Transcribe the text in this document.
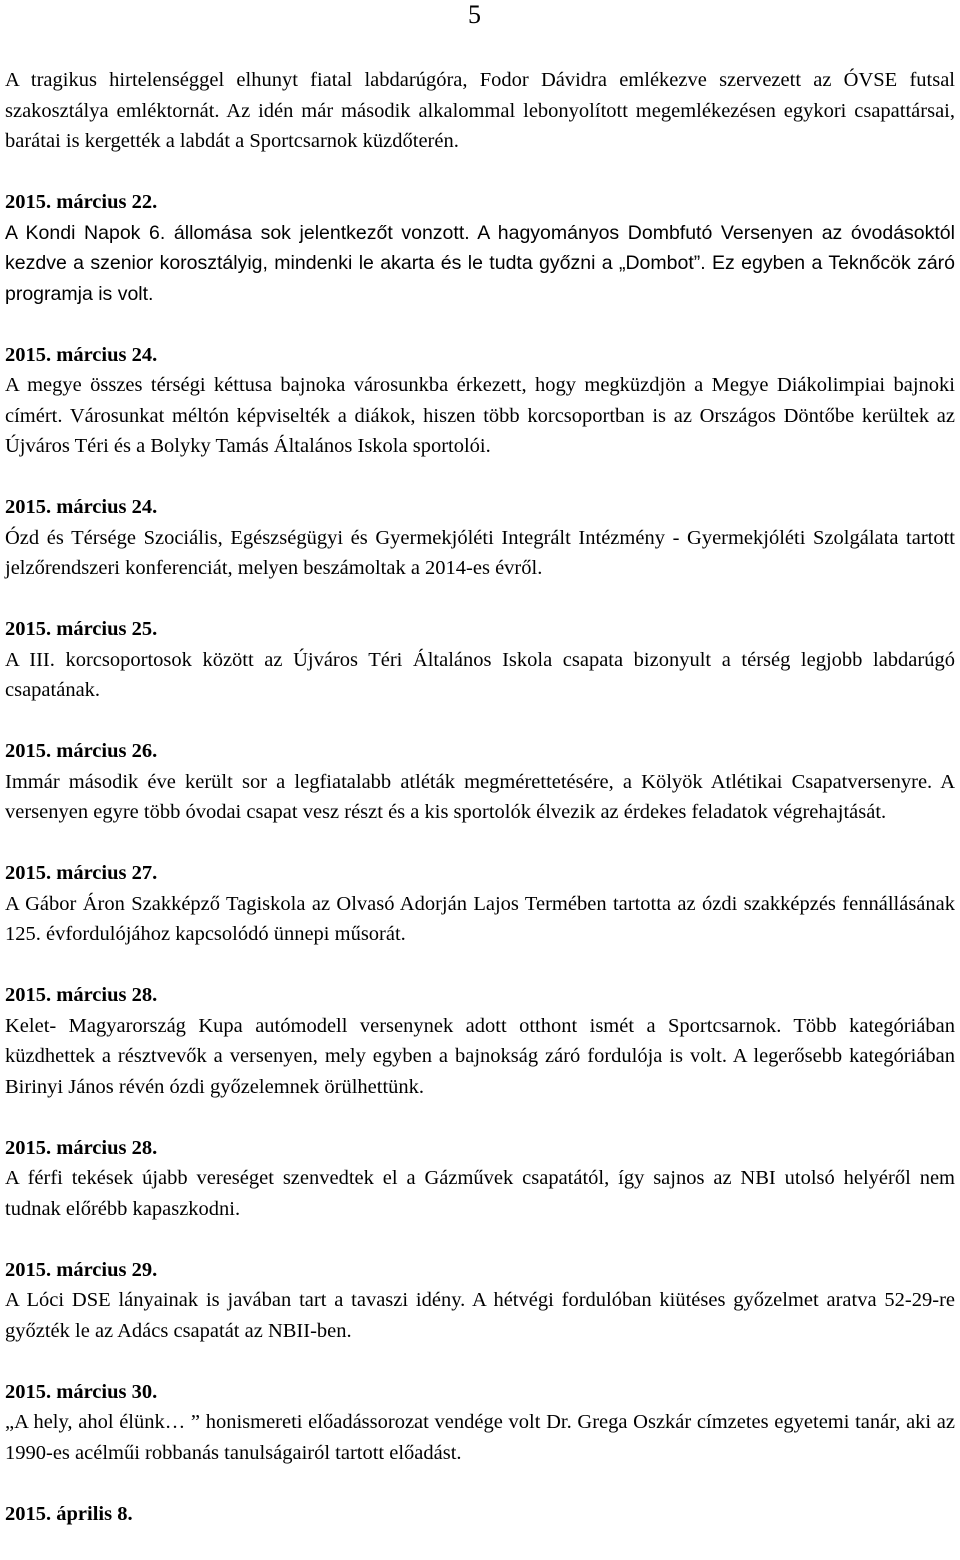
5

A tragikus hirtelenséggel elhunyt fiatal labdarúgóra, Fodor Dávidra emlékezve szervezett az ÓVSE futsal szakosztálya emléktornát. Az idén már második alkalommal lebonyolított megemlékezésen egykori csapattársai, barátai is kergették a labdát a Sportcsarnok küzdőterén.

2015. március 22.

A Kondi Napok 6. állomása sok jelentkezőt vonzott. A hagyományos Dombfutó Versenyen az óvodásoktól kezdve a szenior korosztályig, mindenki le akarta és le tudta győzni a „Dombot”. Ez egyben a Teknőcök záró programja is volt.

2015. március 24.

A megye összes térségi kéttusa bajnoka városunkba érkezett, hogy megküzdjön a Megye Diákolimpiai bajnoki címért. Városunkat méltón képviselték a diákok, hiszen több korcsoportban is az Országos Döntőbe kerültek az Újváros Téri és a Bolyky Tamás Általános Iskola sportolói.

2015. március 24.

Ózd és Térsége Szociális, Egészségügyi és Gyermekjóléti Integrált Intézmény - Gyermekjóléti Szolgálata tartott jelzőrendszeri konferenciát, melyen beszámoltak a 2014-es évről.

2015. március 25.

A III. korcsoportosok között az Újváros Téri Általános Iskola csapata bizonyult a térség legjobb labdarúgó csapatának.

2015. március 26.

Immár második éve került sor a legfiatalabb atléták megmérettetésére, a Kölyök Atlétikai Csapatversenyre. A versenyen egyre több óvodai csapat vesz részt és a kis sportolók élvezik az érdekes feladatok végrehajtását.

2015. március 27.

A Gábor Áron Szakképző Tagiskola az Olvasó Adorján Lajos Termében tartotta az ózdi szakképzés fennállásának 125. évfordulójához kapcsolódó ünnepi műsorát.

2015. március 28.

Kelet- Magyarország Kupa autómodell versenynek adott otthont ismét a Sportcsarnok. Több kategóriában küzdhettek a résztvevők a versenyen, mely egyben a bajnokság záró fordulója is volt. A legerősebb kategóriában Birinyi János révén ózdi győzelemnek örülhettünk.

2015. március 28.

A férfi tekések újabb vereséget szenvedtek el a Gázművek csapatától, így sajnos az NBI utolsó helyéről nem tudnak előrébb kapaszkodni.

2015. március 29.

A Lóci DSE lányainak is javában tart a tavaszi idény. A hétvégi fordulóban kiütéses győzelmet aratva 52-29-re győzték le az Adács csapatát az NBII-ben.

2015. március 30.

„A hely, ahol élünk… ” honismereti előadássorozat vendége volt Dr. Grega Oszkár címzetes egyetemi tanár, aki az 1990-es acélműi robbanás tanulságairól tartott előadást.

2015. április 8.
